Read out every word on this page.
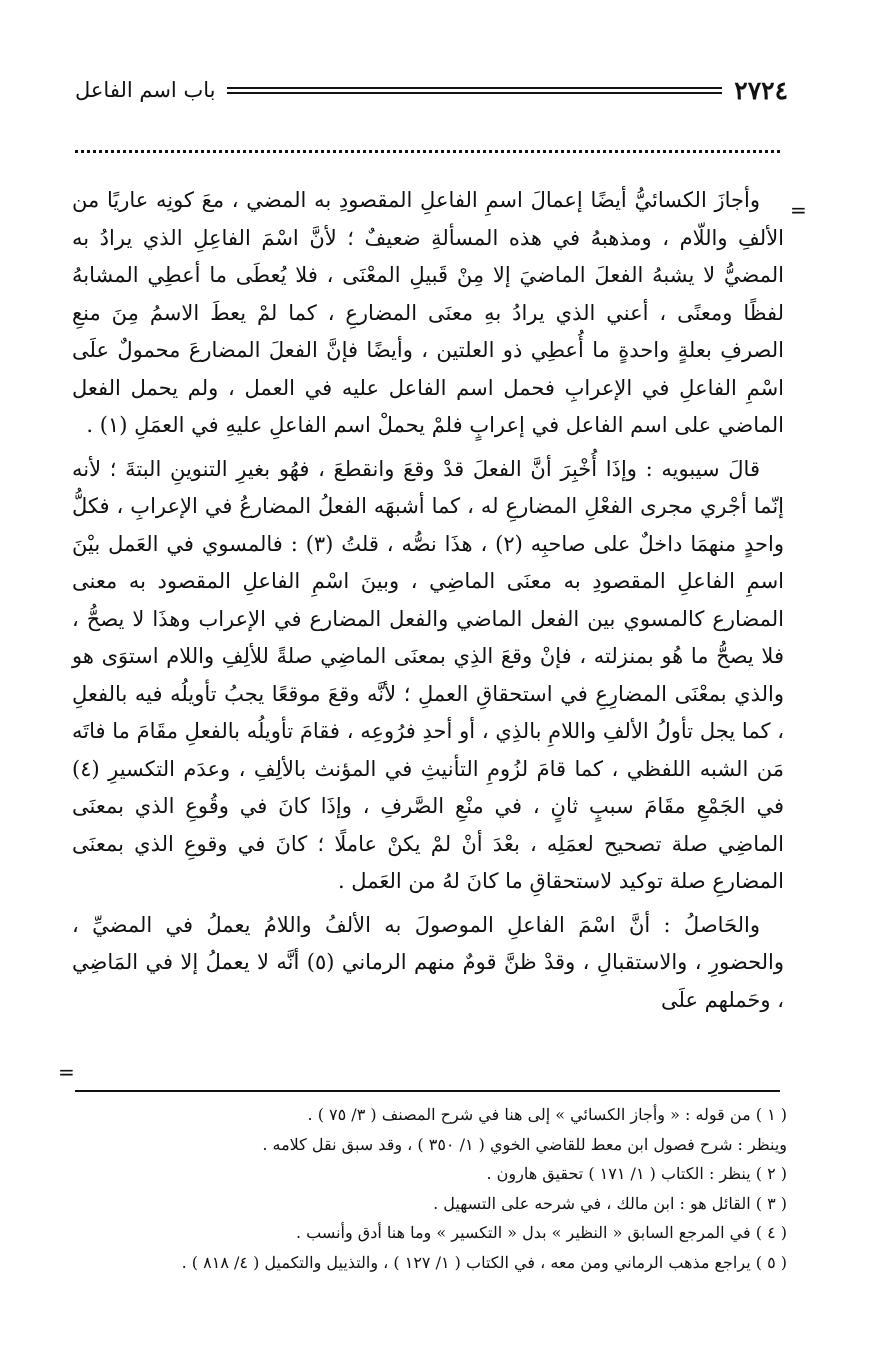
٢٧٢٤
باب اسم الفاعل
=

وأجازَ الكسائيُّ أيضًا إعمالَ اسمِ الفاعلِ المقصودِ به المضي ، معَ كونِه عاريًا من الألفِ واللّام ، ومذهبهُ في هذه المسألةِ ضعيفٌ ؛ لأنَّ اسْمَ الفاعِلِ الذي يرادُ به المضيُّ لا يشبهُ الفعلَ الماضيَ إلا مِنْ قَبيلِ المعْنَى ، فلا يُعطَى ما أعطِي المشابهُ لفظًا ومعنًى ، أعني الذي يرادُ بهِ معنَى المضارعِ ، كما لمْ يعطَ الاسمُ مِنَ منعِ الصرفِ بعلةٍ واحدةٍ ما أُعطِي ذو العلتين ، وأيضًا فإنَّ الفعلَ المضارعَ محمولٌ علَى اسْمِ الفاعلِ في الإعرابِ فحمل اسم الفاعل عليه في العمل ، ولم يحمل الفعل الماضي على اسم الفاعل في إعرابٍ فلمْ يحملْ اسم الفاعلِ عليهِ في العمَلِ (١) .

قالَ سيبويه : وإذَا أُخْبِرَ أنَّ الفعلَ قدْ وقعَ وانقطعَ ، فهُو بغيرِ التنوينِ البتةَ ؛ لأنه إنّما أجْري مجرى الفعْلِ المضارعِ له ، كما أشبهَه الفعلُ المضارعُ في الإعرابِ ، فكلُّ واحدٍ منهمَا داخلٌ على صاحبِه (٢) ، هذَا نصُّه ، قلتُ (٣) : فالمسوي في العَمل بيْنَ اسمِ الفاعلِ المقصودِ به معنَى الماضِي ، وبينَ اسْمِ الفاعلِ المقصود به معنى المضارع كالمسوي بين الفعل الماضي والفعل المضارع في الإعراب وهذَا لا يصحُّ ، فلا يصحُّ ما هُو بمنزلته ، فإنْ وقعَ الذِي بمعنَى الماضِي صلةً للألِفِ واللام استوَى هو والذي بمعْنَى المضارِعِ في استحقاقِ العملِ ؛ لأنَّه وقعَ موقعًا يجبُ تأويلُه فيه بالفعلِ ، كما يجل تأولُ الألفِ واللامِ بالذِي ، أو أحدِ فرُوعِه ، فقامَ تأويلُه بالفعلِ مقَامَ ما فاتَه مَن الشبه اللفظي ، كما قامَ لزُومِ التأنيثِ في المؤنث بالألِفِ ، وعدَم التكسيرِ (٤) في الجَمْعِ مقَامَ سببٍ ثانٍ ، في منْعِ الصَّرفِ ، وإذَا كانَ في وقُوعِ الذي بمعنَى الماضِي صلة تصحيح لعمَلِه ، بعْدَ أنْ لمْ يكنْ عاملًا ؛ كانَ في وقوعِ الذي بمعنَى المضارعِ صلة توكيد لاستحقاقِ ما كانَ لهُ من العَمل .

والحَاصلُ : أنَّ اسْمَ الفاعلِ الموصولَ به الألفُ واللامُ يعملُ في المضيِّ ، والحضورِ ، والاستقبالِ ، وقدْ ظنَّ قومٌ منهم الرماني (٥) أنَّه لا يعملُ إلا في المَاضِي ، وحَملهم علَى

=
( ١ ) من قوله : « وأجاز الكسائي » إلى هنا في شرح المصنف ( ٣/ ٧٥ ) .
وينظر : شرح فصول ابن معط للقاضي الخوي ( ١/ ٣٥٠ ) ، وقد سبق نقل كلامه .
( ٢ ) ينظر : الكتاب ( ١/ ١٧١ ) تحقيق هارون .
( ٣ ) القائل هو : ابن مالك ، في شرحه على التسهيل .
( ٤ ) في المرجع السابق « النظير » بدل « التكسير » وما هنا أدق وأنسب .
( ٥ ) يراجع مذهب الرماني ومن معه ، في الكتاب ( ١/ ١٢٧ ) ، والتذييل والتكميل ( ٤/ ٨١٨ ) .
